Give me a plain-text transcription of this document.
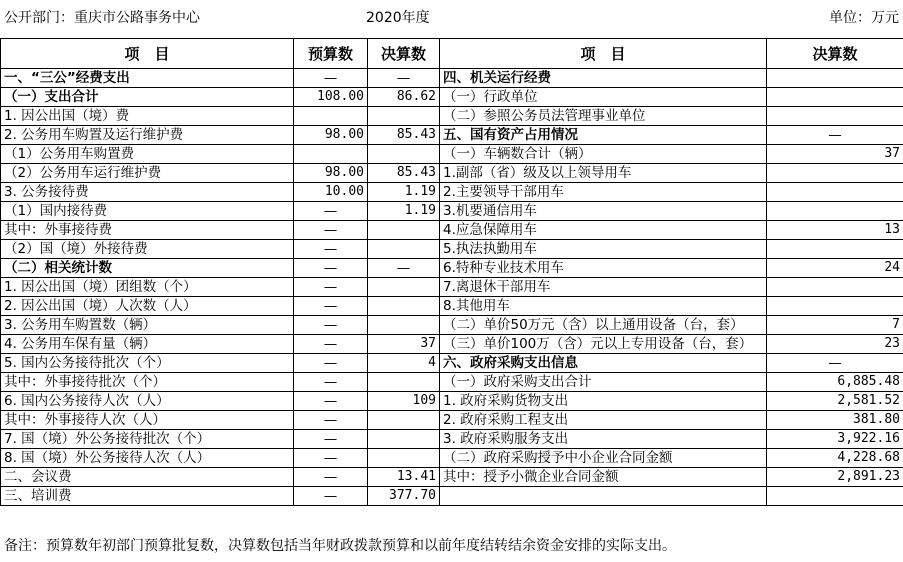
公开部门：重庆市公路事务中心	2020年度	单位：万元
项　目	预算数	决算数	项　目	决算数
一、“三公”经费支出	—	—	四、机关运行经费	
（一）支出合计	108.00	86.62	（一）行政单位	
1. 因公出国（境）费			（二）参照公务员法管理事业单位	
2. 公务用车购置及运行维护费	98.00	85.43	五、国有资产占用情况	—
（1）公务用车购置费			（一）车辆数合计（辆）	37
（2）公务用车运行维护费	98.00	85.43	1.副部（省）级及以上领导用车	
3. 公务接待费	10.00	1.19	2.主要领导干部用车	
（1）国内接待费	—	1.19	3.机要通信用车	
其中：外事接待费	—		4.应急保障用车	13
（2）国（境）外接待费	—		5.执法执勤用车	
（二）相关统计数	—	—	6.特种专业技术用车	24
1. 因公出国（境）团组数（个）	—		7.离退休干部用车	
2. 因公出国（境）人次数（人）	—		8.其他用车	
3. 公务用车购置数（辆）	—		（二）单价50万元（含）以上通用设备（台，套）	7
4. 公务用车保有量（辆）	—	37	（三）单价100万（含）元以上专用设备（台，套）	23
5. 国内公务接待批次（个）	—	4	六、政府采购支出信息	—
其中：外事接待批次（个）	—		（一）政府采购支出合计	6,885.48
6. 国内公务接待人次（人）	—	109	1. 政府采购货物支出	2,581.52
其中：外事接待人次（人）	—		2. 政府采购工程支出	381.80
7. 国（境）外公务接待批次（个）	—		3. 政府采购服务支出	3,922.16
8. 国（境）外公务接待人次（人）	—		（二）政府采购授予中小企业合同金额	4,228.68
二、会议费	—	13.41	其中：授予小微企业合同金额	2,891.23
三、培训费	—	377.70		
备注：预算数年初部门预算批复数，决算数包括当年财政拨款预算和以前年度结转结余资金安排的实际支出。
